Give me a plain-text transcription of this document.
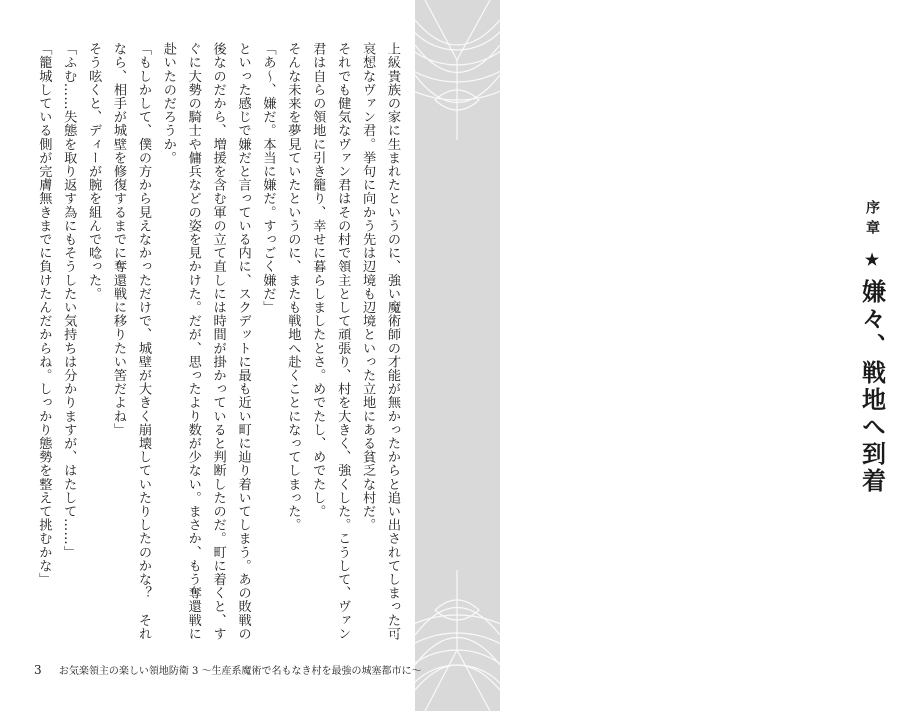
上級貴族の家に生まれたというのに、強い魔術師の才能が無かったからと追い出されてしまった可哀想なヴァン君。挙句に向かう先は辺境も辺境といった立地にある貧乏な村だ。

それでも健気なヴァン君はその村で領主として頑張り、村を大きく、強くした。こうして、ヴァン君は自らの領地に引き籠り、幸せに暮らしましたとさ。めでたし、めでたし。

そんな未来を夢見ていたというのに、またも戦地へ赴くことになってしまった。

「あ〜、嫌だ。本当に嫌だ。すっごく嫌だ」

といった感じで嫌だと言っている内に、スクデットに最も近い町に辿り着いてしまう。あの敗戦の後なのだから、増援を含む軍の立て直しには時間が掛かっていると判断したのだ。町に着くと、すぐに大勢の騎士や傭兵などの姿を見かけた。だが、思ったより数が少ない。まさか、もう奪還戦に赴いたのだろうか。

「もしかして、僕の方から見えなかっただけで、城壁が大きく崩壊していたりしたのかな？　それなら、相手が城壁を修復するまでに奪還戦に移りたい筈だよね」

そう呟くと、ディーが腕を組んで唸った。

「ふむ……失態を取り返す為にもそうしたい気持ちは分かりますが、はたして……」

「籠城している側が完膚無きまでに負けたんだからね。しっかり態勢を整えて挑むかな」	序章
★
嫌々、戦地へ到着
3 お気楽領主の楽しい領地防衛 3 〜生産系魔術で名もなき村を最強の城塞都市に〜
